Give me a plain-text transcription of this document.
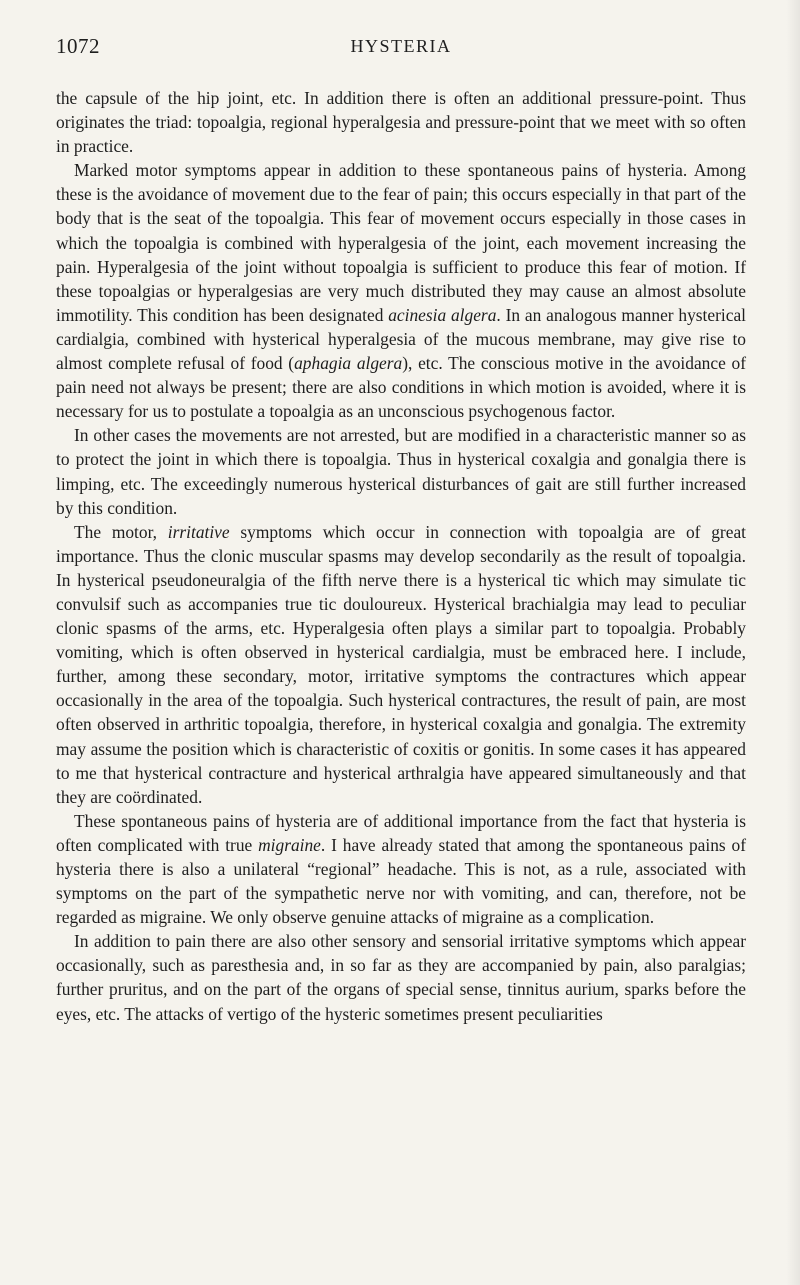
1072	HYSTERIA

the capsule of the hip joint, etc. In addition there is often an additional pressure-point. Thus originates the triad: topoalgia, regional hyperalgesia and pressure-point that we meet with so often in practice.

Marked motor symptoms appear in addition to these spontaneous pains of hysteria. Among these is the avoidance of movement due to the fear of pain; this occurs especially in that part of the body that is the seat of the topoalgia. This fear of movement occurs especially in those cases in which the topoalgia is combined with hyperalgesia of the joint, each movement increasing the pain. Hyperalgesia of the joint without topoalgia is sufficient to produce this fear of motion. If these topoalgias or hyperalgesias are very much distributed they may cause an almost absolute immotility. This condition has been designated acinesia algera. In an analogous manner hysterical cardialgia, combined with hysterical hyperalgesia of the mucous membrane, may give rise to almost complete refusal of food (aphagia algera), etc. The conscious motive in the avoidance of pain need not always be present; there are also conditions in which motion is avoided, where it is necessary for us to postulate a topoalgia as an unconscious psychogenous factor.

In other cases the movements are not arrested, but are modified in a characteristic manner so as to protect the joint in which there is topoalgia. Thus in hysterical coxalgia and gonalgia there is limping, etc. The exceedingly numerous hysterical disturbances of gait are still further increased by this condition.

The motor, irritative symptoms which occur in connection with topoalgia are of great importance. Thus the clonic muscular spasms may develop secondarily as the result of topoalgia. In hysterical pseudoneuralgia of the fifth nerve there is a hysterical tic which may simulate tic convulsif such as accompanies true tic douloureux. Hysterical brachialgia may lead to peculiar clonic spasms of the arms, etc. Hyperalgesia often plays a similar part to topoalgia. Probably vomiting, which is often observed in hysterical cardialgia, must be embraced here. I include, further, among these secondary, motor, irritative symptoms the contractures which appear occasionally in the area of the topoalgia. Such hysterical contractures, the result of pain, are most often observed in arthritic topoalgia, therefore, in hysterical coxalgia and gonalgia. The extremity may assume the position which is characteristic of coxitis or gonitis. In some cases it has appeared to me that hysterical contracture and hysterical arthralgia have appeared simultaneously and that they are coördinated.

These spontaneous pains of hysteria are of additional importance from the fact that hysteria is often complicated with true migraine. I have already stated that among the spontaneous pains of hysteria there is also a unilateral “regional” headache. This is not, as a rule, associated with symptoms on the part of the sympathetic nerve nor with vomiting, and can, therefore, not be regarded as migraine. We only observe genuine attacks of migraine as a complication.

In addition to pain there are also other sensory and sensorial irritative symptoms which appear occasionally, such as paresthesia and, in so far as they are accompanied by pain, also paralgias; further pruritus, and on the part of the organs of special sense, tinnitus aurium, sparks before the eyes, etc. The attacks of vertigo of the hysteric sometimes present peculiarities
